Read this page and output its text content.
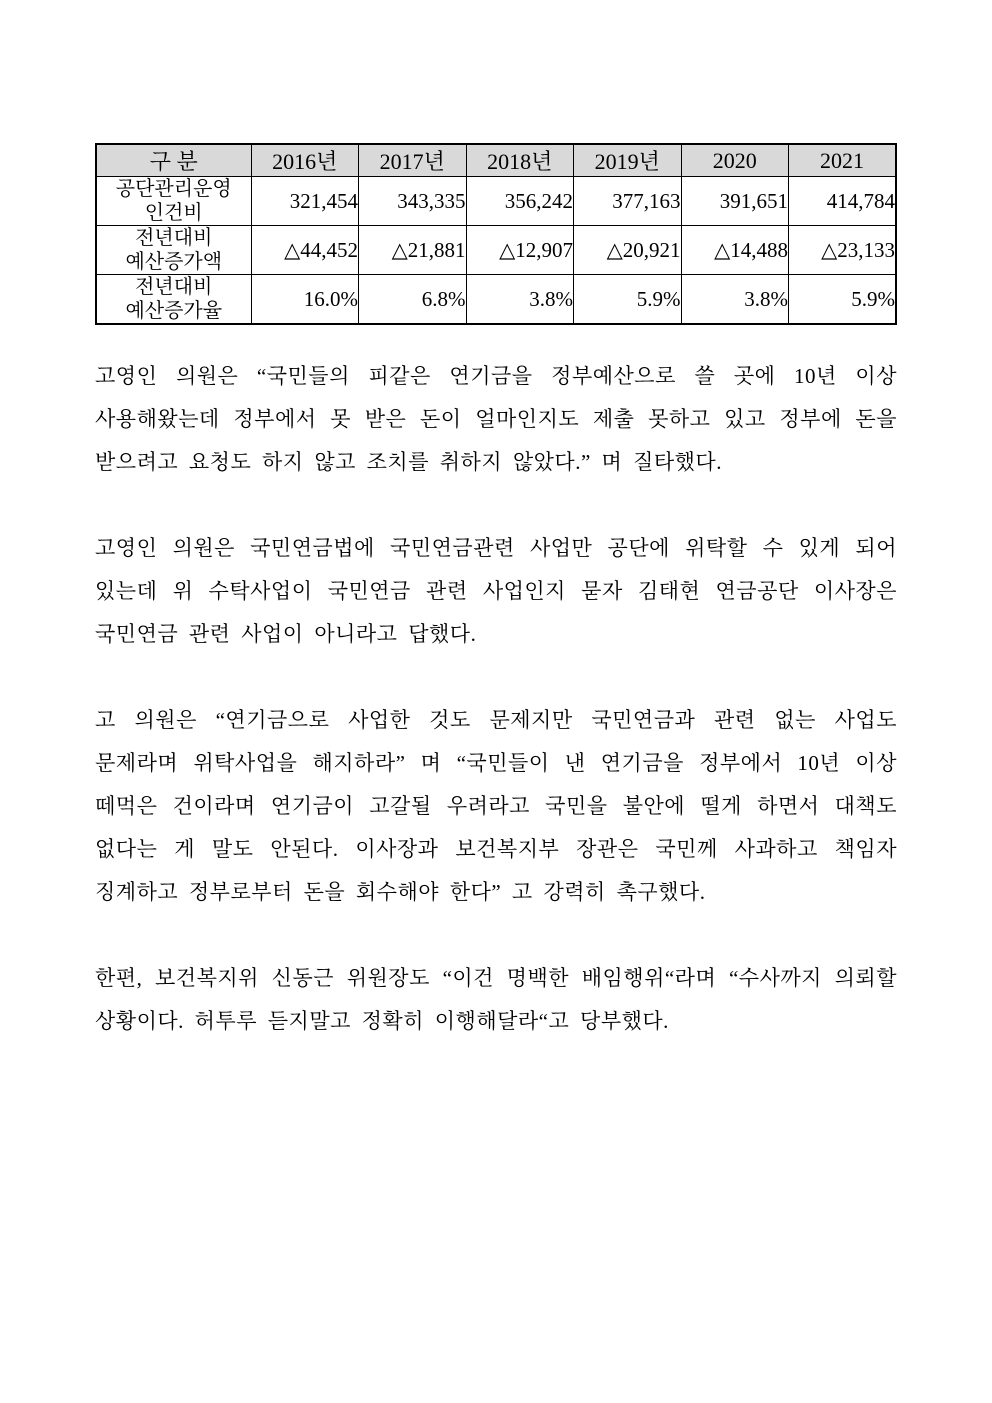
구 분	2016년	2017년	2018년	2019년	2020	2021

공단관리운영
인건비	321,454	343,335	356,242	377,163	391,651	414,784

전년대비
예산증가액	△44,452	△21,881	△12,907	△20,921	△14,488	△23,133

전년대비
예산증가율	16.0%	6.8%	3.8%	5.9%	3.8%	5.9%

고영인 의원은 “국민들의 피같은 연기금을 정부예산으로 쓸 곳에 10년 이상 사용해왔는데 정부에서 못 받은 돈이 얼마인지도 제출 못하고 있고 정부에 돈을 받으려고 요청도 하지 않고 조치를 취하지 않았다.” 며 질타했다.

고영인 의원은 국민연금법에 국민연금관련 사업만 공단에 위탁할 수 있게 되어 있는데 위 수탁사업이 국민연금 관련 사업인지 묻자 김태현 연금공단 이사장은 국민연금 관련 사업이 아니라고 답했다.

고 의원은 “연기금으로 사업한 것도 문제지만 국민연금과 관련 없는 사업도 문제라며 위탁사업을 해지하라” 며 “국민들이 낸 연기금을 정부에서 10년 이상 떼먹은 건이라며 연기금이 고갈될 우려라고 국민을 불안에 떨게 하면서 대책도 없다는 게 말도 안된다. 이사장과 보건복지부 장관은 국민께 사과하고 책임자 징계하고 정부로부터 돈을 회수해야 한다” 고 강력히 촉구했다.

한편, 보건복지위 신동근 위원장도 “이건 명백한 배임행위“라며 “수사까지 의뢰할 상황이다. 허투루 듣지말고 정확히 이행해달라“고 당부했다.
